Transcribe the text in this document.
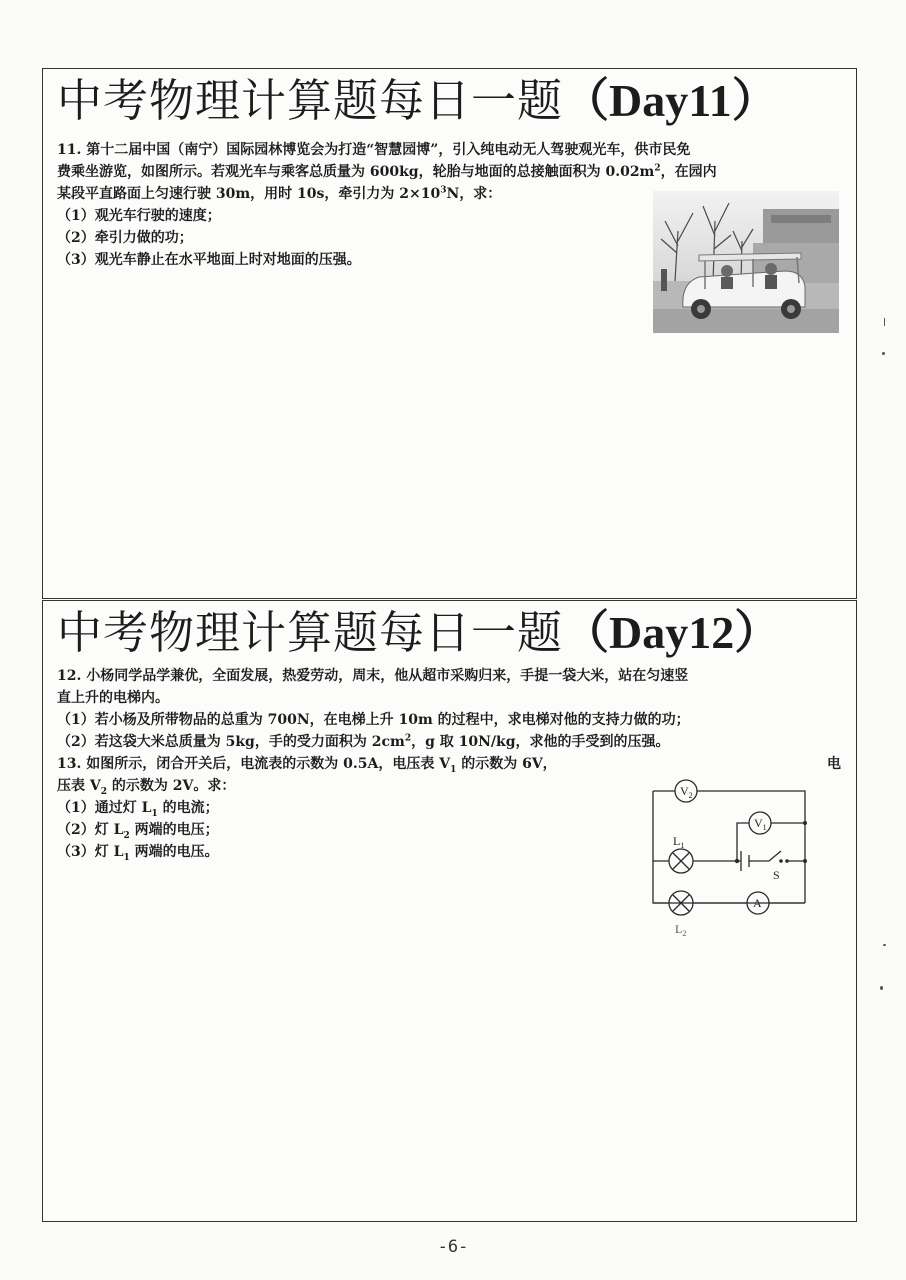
中考物理计算题每日一题（Day11）
11. 第十二届中国（南宁）国际园林博览会为打造“智慧园博”，引入纯电动无人驾驶观光车，供市民免
费乘坐游览，如图所示。若观光车与乘客总质量为 600kg，轮胎与地面的总接触面积为 $0.02m^2$，在园内
某段平直路面上匀速行驶 30m，用时 10s，牵引力为 $2\times 10^3N$，求：
（1）观光车行驶的速度；
（2）牵引力做的功；
（3）观光车静止在水平地面上时对地面的压强。
中考物理计算题每日一题（Day12）
12. 小杨同学品学兼优，全面发展，热爱劳动，周末，他从超市采购归来，手提一袋大米，站在匀速竖
直上升的电梯内。
（1）若小杨及所带物品的总重为 700N，在电梯上升 10m 的过程中，求电梯对他的支持力做的功；
（2）若这袋大米总质量为 5kg，手的受力面积为 $2cm^2$，g 取 10N/kg，求他的手受到的压强。
13. 如图所示，闭合开关后，电流表的示数为 0.5A，电压表 $V_1$ 的示数为 6V，
压表 $V_2$ 的示数为 2V。求：
（1）通过灯 $L_1$ 的电流；
（2）灯 $L_2$ 两端的电压；
（3）灯 $L_1$ 两端的电压。
电
$V_2$
$V_1$
$L_1$
S
A
$L_2$
-6-
